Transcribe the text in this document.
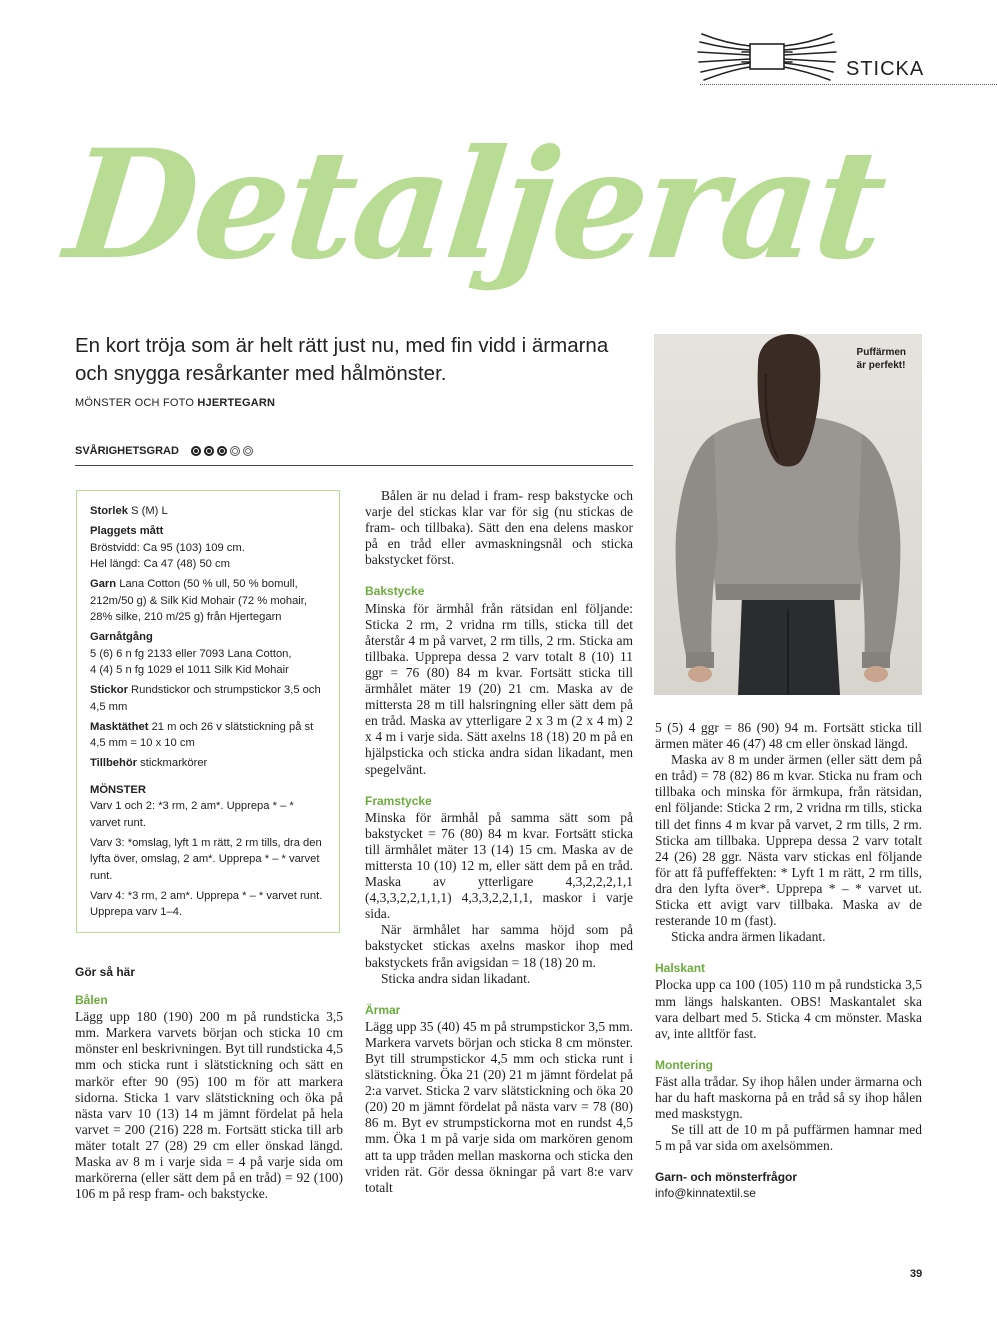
STICKA
Detaljerat
En kort tröja som är helt rätt just nu, med fin vidd i ärmarna och snygga resårkanter med hålmönster.
MÖNSTER OCH FOTO HJERTEGARN
SVÅRIGHETSGRAD

Storlek S (M) L

Plaggets mått
Bröstvidd: Ca 95 (103) 109 cm.
Hel längd: Ca 47 (48) 50 cm

Garn Lana Cotton (50 % ull, 50 % bomull, 212m/50 g) & Silk Kid Mohair (72 % mohair, 28% silke, 210 m/25 g) från Hjertegarn

Garnåtgång
5 (6) 6 n fg 2133 eller 7093 Lana Cotton,
4 (4) 5 n fg 1029 el 1011 Silk Kid Mohair

Stickor Rundstickor och strumpstickor 3,5 och 4,5 mm

Masktäthet 21 m och 26 v slätstickning på st 4,5 mm = 10 x 10 cm

Tillbehör stickmarkörer

MÖNSTER

Varv 1 och 2: *3 rm, 2 am*. Upprepa * – * varvet runt.

Varv 3: *omslag, lyft 1 m rätt, 2 rm tills, dra den lyfta över, omslag, 2 am*. Upprepa * – * varvet runt.

Varv 4: *3 rm, 2 am*. Upprepa * – * varvet runt.

Upprepa varv 1–4.

Gör så här
Bålen

Lägg upp 180 (190) 200 m på rundsticka 3,5 mm. Markera varvets början och sticka 10 cm mönster enl beskrivningen. Byt till rundsticka 4,5 mm och sticka runt i slätstickning och sätt en markör efter 90 (95) 100 m för att markera sidorna. Sticka 1 varv slätstickning och öka på nästa varv 10 (13) 14 m jämnt fördelat på hela varvet = 200 (216) 228 m. Fortsätt sticka till arb mäter totalt 27 (28) 29 cm eller önskad längd. Maska av 8 m i varje sida = 4 på varje sida om markörerna (eller sätt dem på en tråd) = 92 (100) 106 m på resp fram- och bakstycke.

Bålen är nu delad i fram- resp bakstycke och varje del stickas klar var för sig (nu stickas de fram- och tillbaka). Sätt den ena delens maskor på en tråd eller avmaskningsnål och sticka bakstycket först.

Bakstycke

Minska för ärmhål från rätsidan enl följande: Sticka 2 rm, 2 vridna rm tills, sticka till det återstår 4 m på varvet, 2 rm tills, 2 rm. Sticka am tillbaka. Upprepa dessa 2 varv totalt 8 (10) 11 ggr = 76 (80) 84 m kvar. Fortsätt sticka till ärmhålet mäter 19 (20) 21 cm. Maska av de mittersta 28 m till halsringning eller sätt dem på en tråd. Maska av ytterligare 2 x 3 m (2 x 4 m) 2 x 4 m i varje sida. Sätt axelns 18 (18) 20 m på en hjälpsticka och sticka andra sidan likadant, men spegelvänt.

Framstycke

Minska för ärmhål på samma sätt som på bakstycket = 76 (80) 84 m kvar. Fortsätt sticka till ärmhålet mäter 13 (14) 15 cm. Maska av de mittersta 10 (10) 12 m, eller sätt dem på en tråd. Maska av ytterligare 4,3,2,2,2,1,1 (4,3,3,2,2,1,1,1) 4,3,3,2,2,1,1, maskor i varje sida.

När ärmhålet har samma höjd som på bakstycket stickas axelns maskor ihop med bakstyckets från avigsidan = 18 (18) 20 m.

Sticka andra sidan likadant.

Ärmar

Lägg upp 35 (40) 45 m på strumpstickor 3,5 mm. Markera varvets början och sticka 8 cm mönster. Byt till strumpstickor 4,5 mm och sticka runt i slätstickning. Öka 21 (20) 21 m jämnt fördelat på 2:a varvet. Sticka 2 varv slätstickning och öka 20 (20) 20 m jämnt fördelat på nästa varv = 78 (80) 86 m. Byt ev strumpstickorna mot en rundst 4,5 mm. Öka 1 m på varje sida om markören genom att ta upp tråden mellan maskorna och sticka den vriden rät. Gör dessa ökningar på vart 8:e varv totalt

Puffärmen
är perfekt!

5 (5) 4 ggr = 86 (90) 94 m. Fortsätt sticka till ärmen mäter 46 (47) 48 cm eller önskad längd.

Maska av 8 m under ärmen (eller sätt dem på en tråd) = 78 (82) 86 m kvar. Sticka nu fram och tillbaka och minska för ärmkupa, från rätsidan, enl följande: Sticka 2 rm, 2 vridna rm tills, sticka till det finns 4 m kvar på varvet, 2 rm tills, 2 rm. Sticka am tillbaka. Upprepa dessa 2 varv totalt 24 (26) 28 ggr. Nästa varv stickas enl följande för att få puffeffekten: * Lyft 1 m rätt, 2 rm tills, dra den lyfta över*. Upprepa * – * varvet ut. Sticka ett avigt varv tillbaka. Maska av de resterande 10 m (fast).

Sticka andra ärmen likadant.

Halskant

Plocka upp ca 100 (105) 110 m på rundsticka 3,5 mm längs halskanten. OBS! Maskantalet ska vara delbart med 5. Sticka 4 cm mönster. Maska av, inte alltför fast.

Montering

Fäst alla trådar. Sy ihop hålen under ärmarna och har du haft maskorna på en tråd så sy ihop hålen med maskstygn.

Se till att de 10 m på puffärmen hamnar med 5 m på var sida om axelsömmen.

Garn- och mönsterfrågor

info@kinnatextil.se

39
